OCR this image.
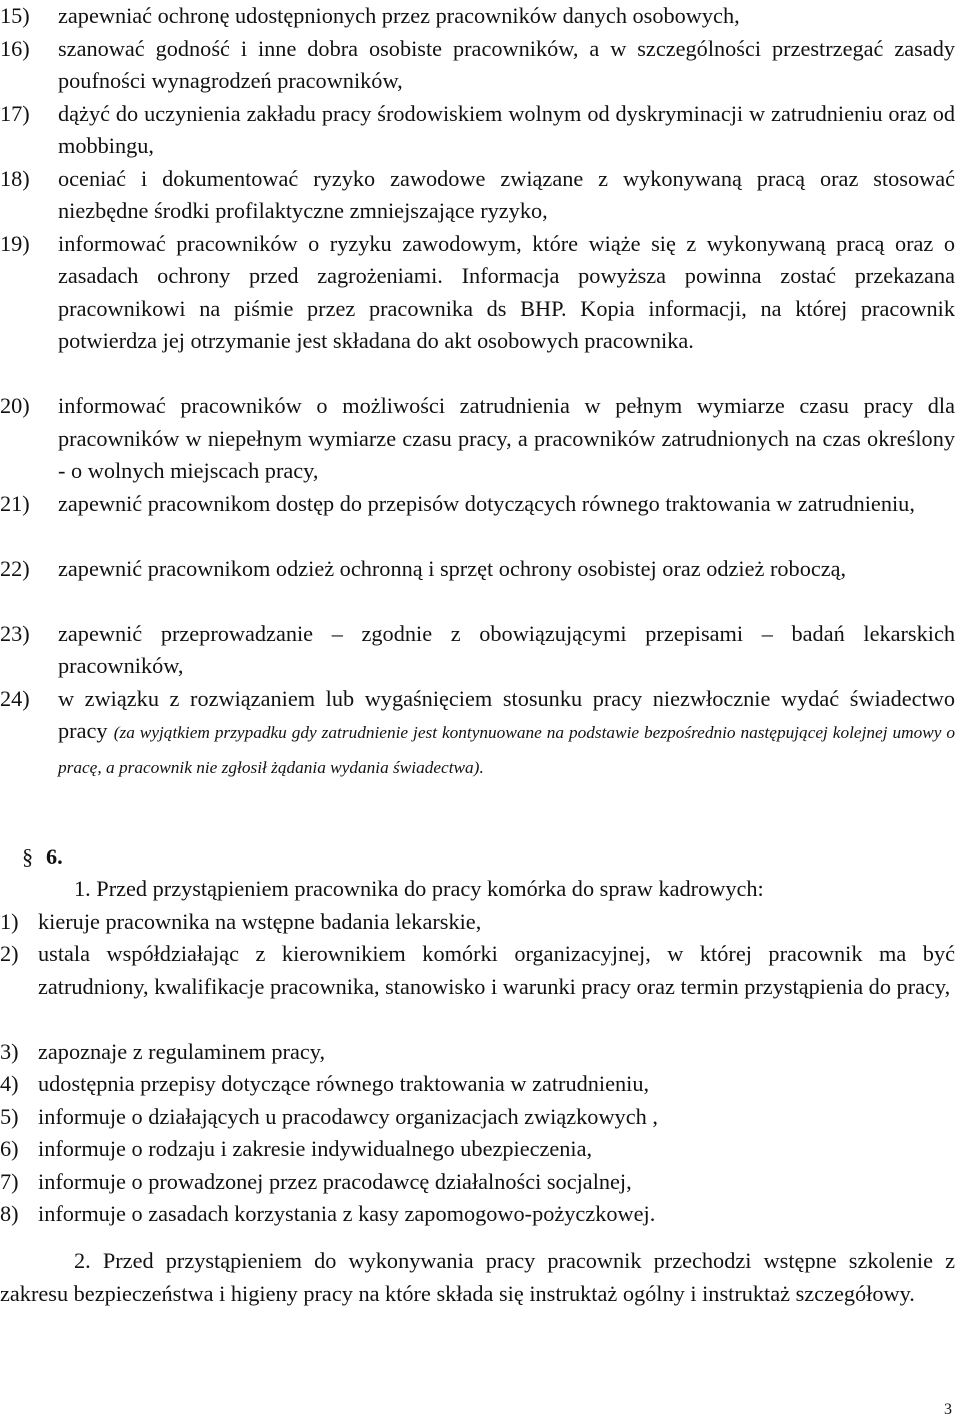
15)	zapewniać ochronę udostępnionych przez pracowników danych osobowych,

16)	szanować godność i inne dobra osobiste pracowników, a w szczególności przestrzegać zasady poufności wynagrodzeń pracowników,

17)	dążyć do uczynienia zakładu pracy środowiskiem wolnym od dyskryminacji w zatrudnieniu oraz od mobbingu,

18)	oceniać i dokumentować ryzyko zawodowe związane z wykonywaną pracą oraz stosować niezbędne środki profilaktyczne zmniejszające ryzyko,

19)	informować pracowników o ryzyku zawodowym, które wiąże się z wykonywaną pracą oraz o zasadach ochrony przed zagrożeniami. Informacja powyższa powinna zostać przekazana pracownikowi na piśmie przez pracownika ds BHP. Kopia informacji, na której pracownik potwierdza jej otrzymanie jest składana do akt osobowych pracownika.

20)	informować pracowników o możliwości zatrudnienia w pełnym wymiarze czasu pracy dla pracowników w niepełnym wymiarze czasu pracy, a pracowników zatrudnionych na czas określony - o wolnych miejscach pracy,

21)	zapewnić pracownikom dostęp do przepisów dotyczących równego traktowania w zatrudnieniu,

22)	zapewnić pracownikom odzież ochronną i sprzęt ochrony osobistej oraz odzież roboczą,

23)	zapewnić przeprowadzanie – zgodnie z obowiązującymi przepisami – badań lekarskich pracowników,

24)	w związku z rozwiązaniem lub wygaśnięciem stosunku pracy niezwłocznie wydać świadectwo pracy (za wyjątkiem przypadku gdy zatrudnienie jest kontynuowane na podstawie bezpośrednio następującej kolejnej umowy o pracę, a pracownik nie zgłosił żądania wydania świadectwa).

§ 6.

1. Przed przystąpieniem pracownika do pracy komórka do spraw kadrowych:

1) kieruje pracownika na wstępne badania lekarskie,

2) ustala współdziałając z kierownikiem komórki organizacyjnej, w której pracownik ma być zatrudniony, kwalifikacje pracownika, stanowisko i warunki pracy oraz termin przystąpienia do pracy,

3) zapoznaje z regulaminem pracy,

4) udostępnia przepisy dotyczące równego traktowania w zatrudnieniu,

5) informuje o działających u pracodawcy organizacjach związkowych ,

6) informuje o rodzaju i zakresie indywidualnego ubezpieczenia,

7) informuje o prowadzonej przez pracodawcę działalności socjalnej,

8) informuje o zasadach korzystania z kasy zapomogowo-pożyczkowej.

2. Przed przystąpieniem do wykonywania pracy pracownik przechodzi wstępne szkolenie z zakresu bezpieczeństwa i higieny pracy na które składa się instruktaż ogólny i instruktaż szczegółowy.

3
